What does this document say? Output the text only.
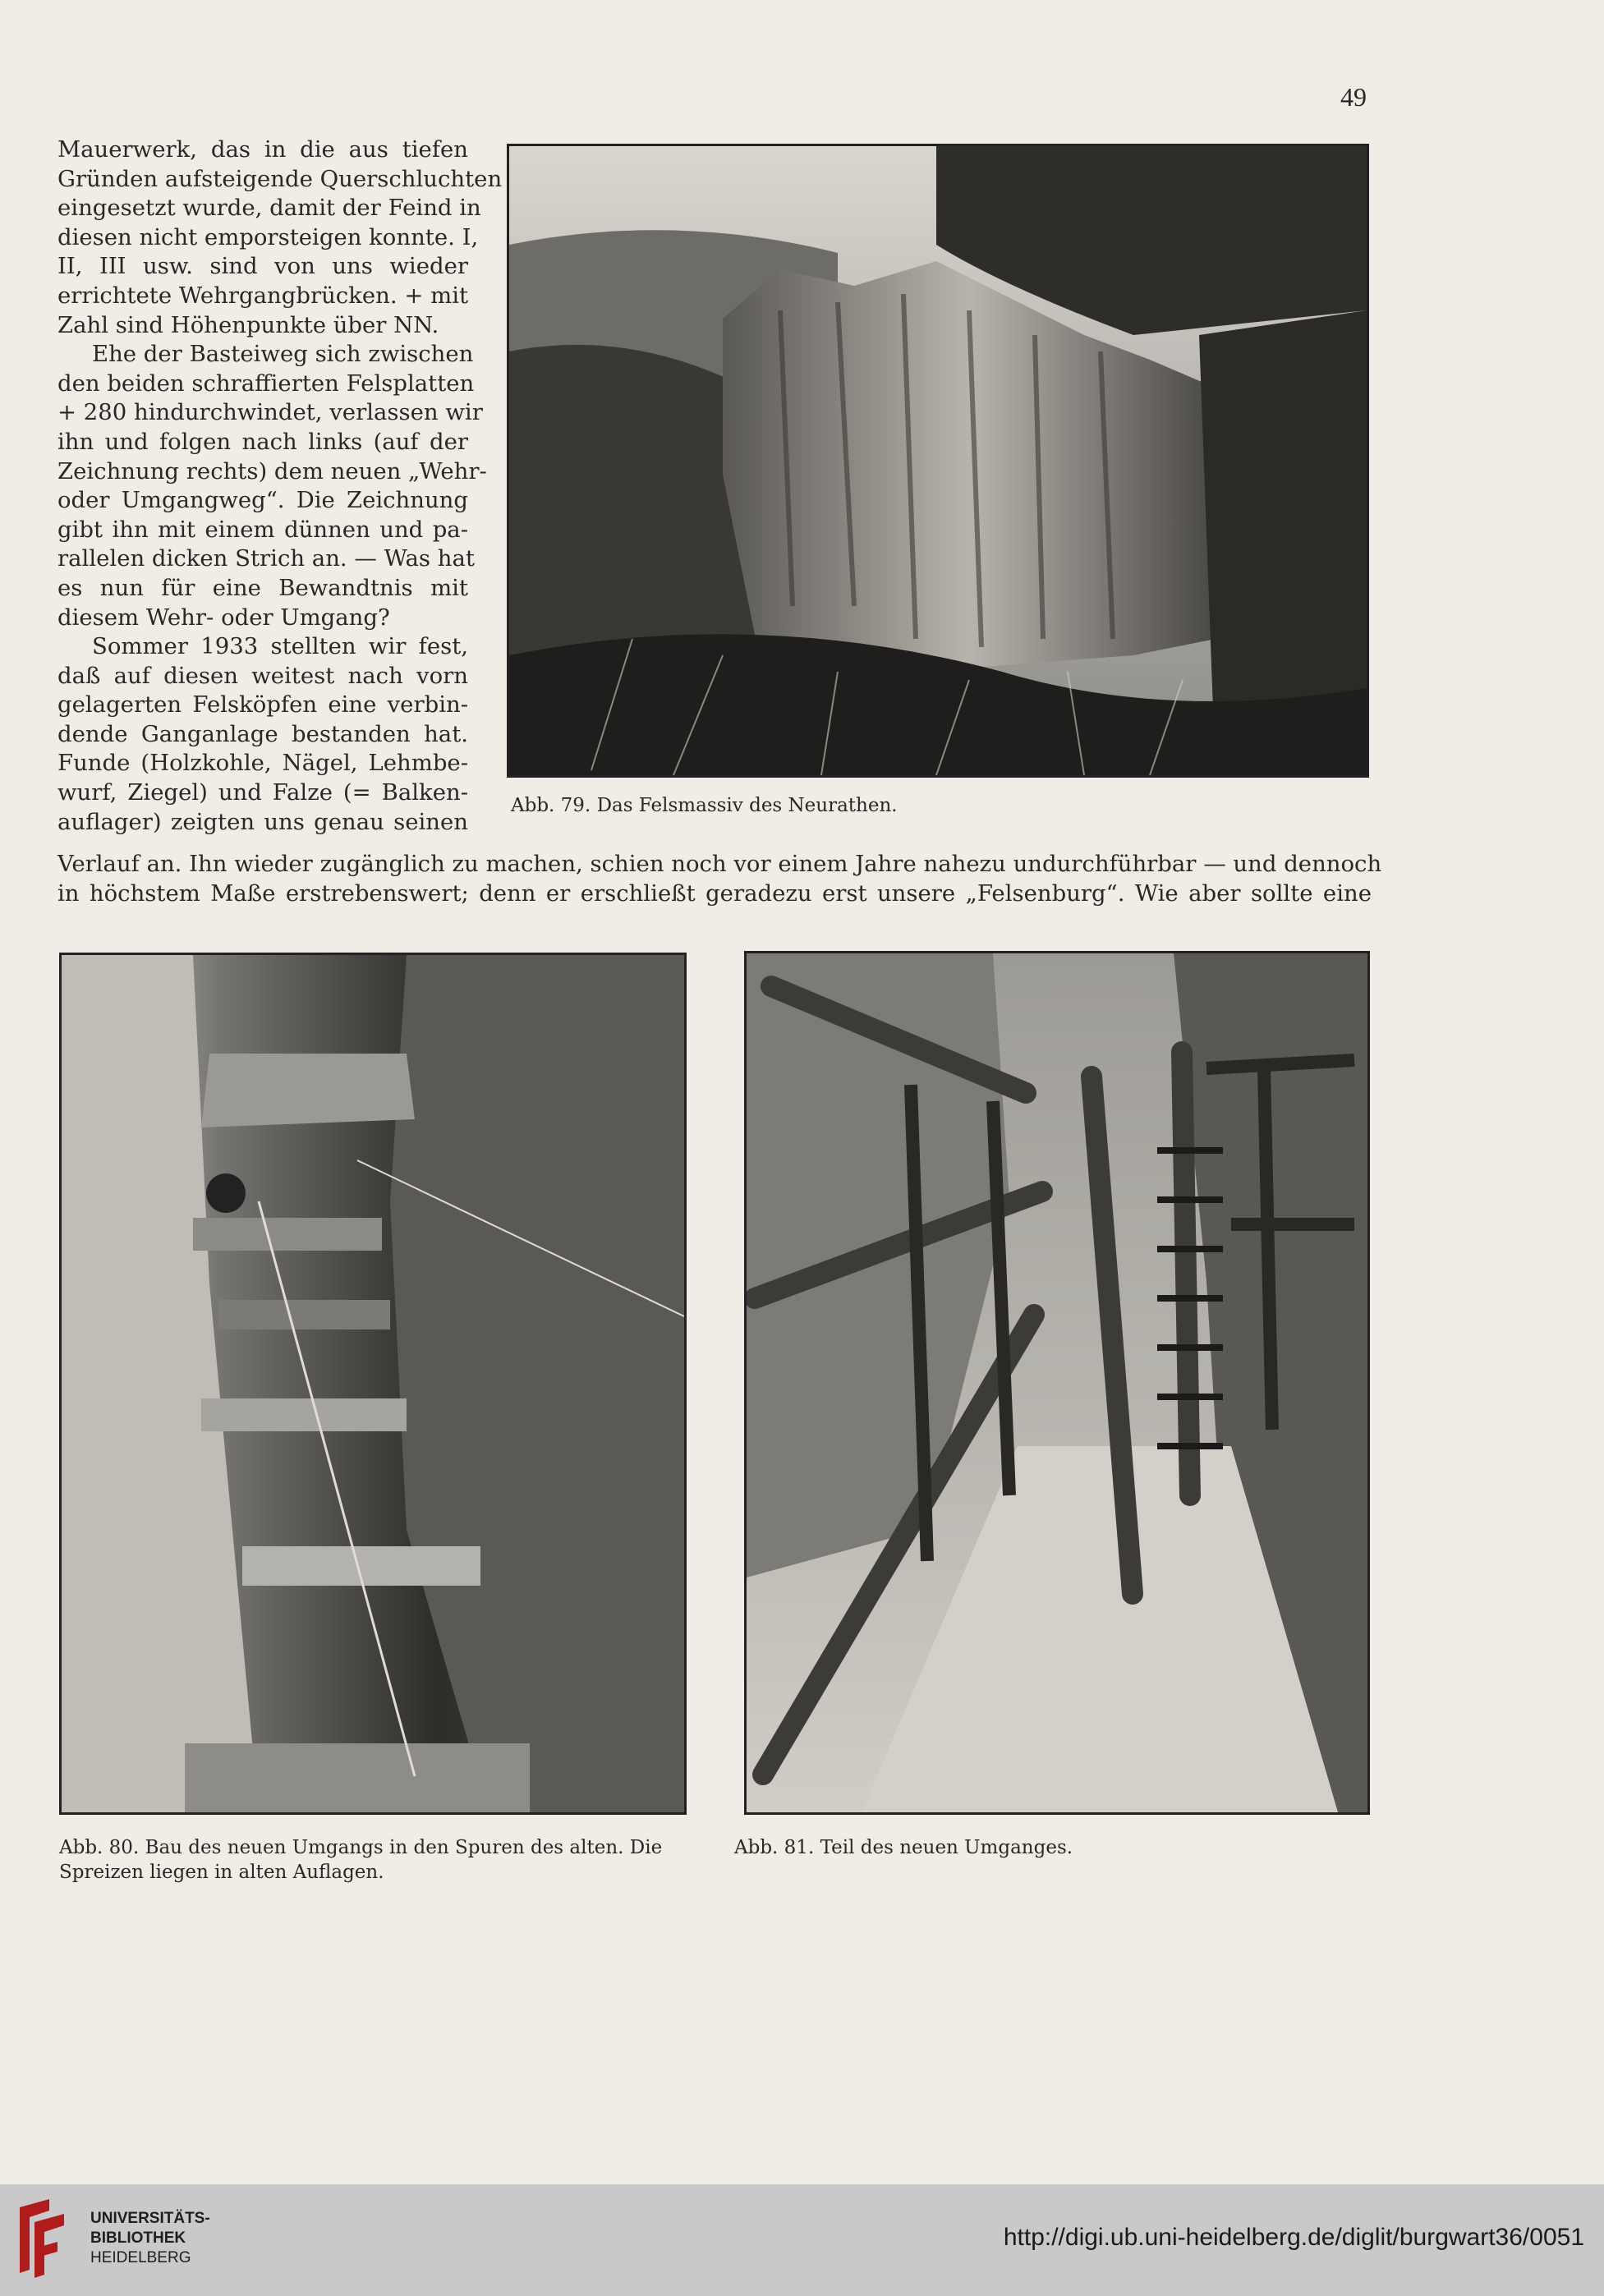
49
Mauerwerk, das in die aus tiefen
Gründen aufsteigende Querschluchten
eingesetzt wurde, damit der Feind in
diesen nicht emporsteigen konnte. I,
II, III usw. sind von uns wieder
errichtete Wehrgangbrücken. + mit
Zahl sind Höhenpunkte über NN.
Ehe der Basteiweg sich zwischen
den beiden schraffierten Felsplatten
+ 280 hindurchwindet, verlassen wir
ihn und folgen nach links (auf der
Zeichnung rechts) dem neuen „Wehr-
oder Umgangweg“. Die Zeichnung
gibt ihn mit einem dünnen und pa-
rallelen dicken Strich an. — Was hat
es nun für eine Bewandtnis mit
diesem Wehr- oder Umgang?
Sommer 1933 stellten wir fest,
daß auf diesen weitest nach vorn
gelagerten Felsköpfen eine verbin-
dende Ganganlage bestanden hat.
Funde (Holzkohle, Nägel, Lehmbe-
wurf, Ziegel) und Falze (= Balken-
auflager) zeigten uns genau seinen
Verlauf an. Ihn wieder zugänglich zu machen, schien noch vor einem Jahre nahezu undurchführbar — und dennoch
in höchstem Maße erstrebenswert; denn er erschließt geradezu erst unsere „Felsenburg“. Wie aber sollte eine
Abb. 79. Das Felsmassiv des Neurathen.
Abb. 80. Bau des neuen Umgangs in den Spuren des alten. Die Spreizen liegen in alten Auflagen.
Abb. 81. Teil des neuen Umganges.
UNIVERSITÄTS-
BIBLIOTHEK
HEIDELBERG
http://digi.ub.uni-heidelberg.de/diglit/burgwart36/0051
